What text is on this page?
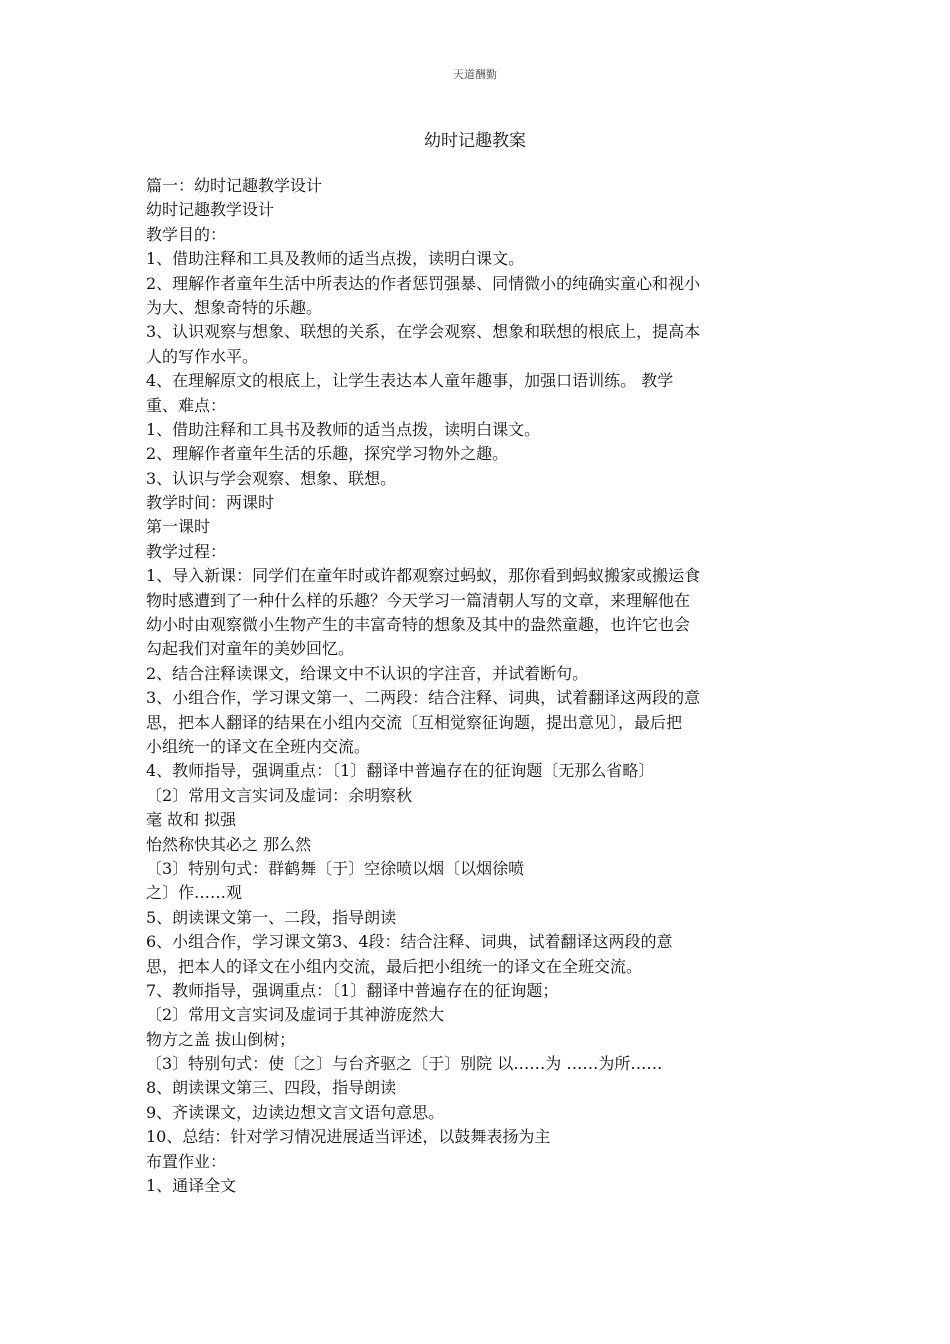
天道酬勤
幼时记趣教案
篇一：幼时记趣教学设计
幼时记趣教学设计
教学目的：
1、借助注释和工具及教师的适当点拨，读明白课文。
2、理解作者童年生活中所表达的作者惩罚强暴、同情微小的纯确实童心和视小
为大、想象奇特的乐趣。
3、认识观察与想象、联想的关系，在学会观察、想象和联想的根底上，提高本
人的写作水平。
4、在理解原文的根底上，让学生表达本人童年趣事，加强口语训练。 教学
重、难点：
1、借助注释和工具书及教师的适当点拨，读明白课文。
2、理解作者童年生活的乐趣，探究学习物外之趣。
3、认识与学会观察、想象、联想。
教学时间：两课时
第一课时
教学过程：
1、导入新课：同学们在童年时或许都观察过蚂蚁，那你看到蚂蚁搬家或搬运食
物时感遭到了一种什么样的乐趣？今天学习一篇清朝人写的文章，来理解他在
幼小时由观察微小生物产生的丰富奇特的想象及其中的盎然童趣，也许它也会
勾起我们对童年的美妙回忆。
2、结合注释读课文，给课文中不认识的字注音，并试着断句。
3、小组合作，学习课文第一、二两段：结合注释、词典，试着翻译这两段的意
思，把本人翻译的结果在小组内交流〔互相觉察征询题，提出意见〕，最后把
小组统一的译文在全班内交流。
4、教师指导，强调重点：〔1〕翻译中普遍存在的征询题〔无那么省略〕
〔2〕常用文言实词及虚词：余明察秋
毫 故和 拟强
怡然称快其必之 那么然
〔3〕特别句式：群鹤舞〔于〕空徐喷以烟〔以烟徐喷
之〕作……观
5、朗读课文第一、二段，指导朗读
6、小组合作，学习课文第3、4段：结合注释、词典，试着翻译这两段的意
思，把本人的译文在小组内交流，最后把小组统一的译文在全班交流。
7、教师指导，强调重点：〔1〕翻译中普遍存在的征询题；
〔2〕常用文言实词及虚词于其神游庞然大
物方之盖 拔山倒树；
〔3〕特别句式：使〔之〕与台齐驱之〔于〕别院 以……为 ……为所……
8、朗读课文第三、四段，指导朗读
9、齐读课文，边读边想文言文语句意思。
10、总结：针对学习情况进展适当评述，以鼓舞表扬为主
布置作业：
1、通译全文
